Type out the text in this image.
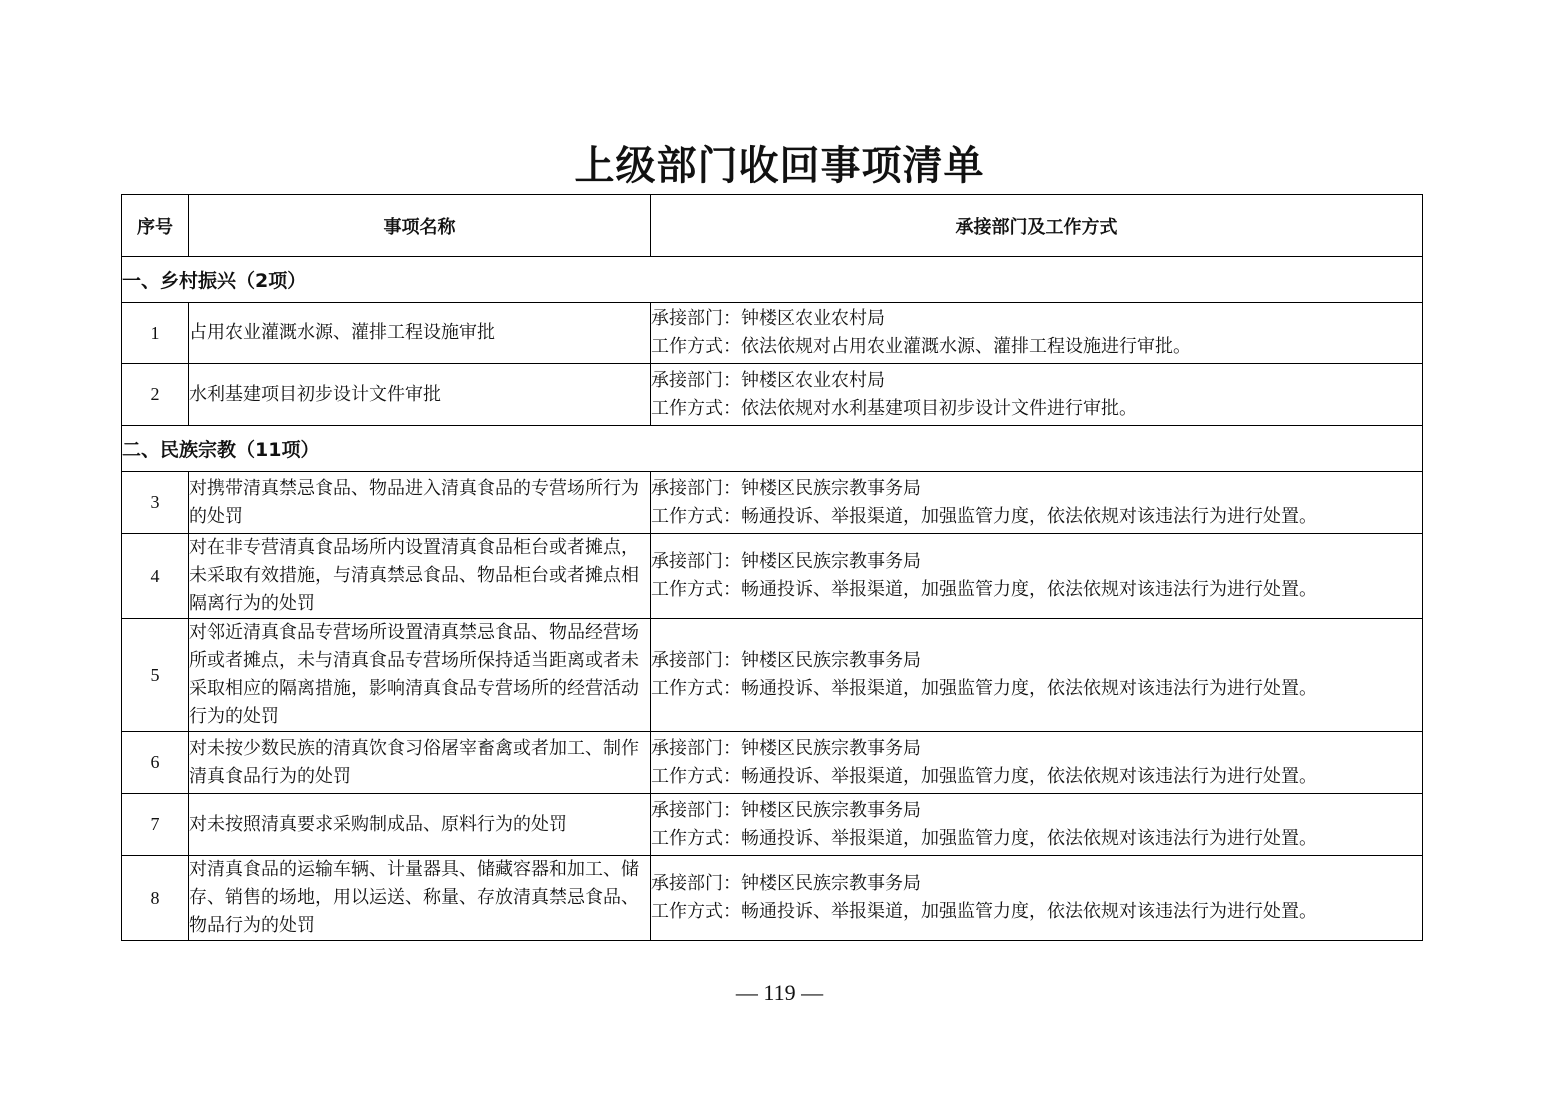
上级部门收回事项清单
序号	事项名称	承接部门及工作方式
一、乡村振兴（2项）		
1	占用农业灌溉水源、灌排工程设施审批	承接部门：钟楼区农业农村局
工作方式：依法依规对占用农业灌溉水源、灌排工程设施进行审批。

2	水利基建项目初步设计文件审批	承接部门：钟楼区农业农村局
工作方式：依法依规对水利基建项目初步设计文件进行审批。

二、民族宗教（11项）		
3	对携带清真禁忌食品、物品进入清真食品的专营场所行为的处罚	承接部门：钟楼区民族宗教事务局
工作方式：畅通投诉、举报渠道，加强监管力度，依法依规对该违法行为进行处置。

4	对在非专营清真食品场所内设置清真食品柜台或者摊点，未采取有效措施，与清真禁忌食品、物品柜台或者摊点相隔离行为的处罚	承接部门：钟楼区民族宗教事务局
工作方式：畅通投诉、举报渠道，加强监管力度，依法依规对该违法行为进行处置。

5	对邻近清真食品专营场所设置清真禁忌食品、物品经营场所或者摊点，未与清真食品专营场所保持适当距离或者未采取相应的隔离措施，影响清真食品专营场所的经营活动行为的处罚	承接部门：钟楼区民族宗教事务局
工作方式：畅通投诉、举报渠道，加强监管力度，依法依规对该违法行为进行处置。

6	对未按少数民族的清真饮食习俗屠宰畜禽或者加工、制作清真食品行为的处罚	承接部门：钟楼区民族宗教事务局
工作方式：畅通投诉、举报渠道，加强监管力度，依法依规对该违法行为进行处置。

7	对未按照清真要求采购制成品、原料行为的处罚	承接部门：钟楼区民族宗教事务局
工作方式：畅通投诉、举报渠道，加强监管力度，依法依规对该违法行为进行处置。

8	对清真食品的运输车辆、计量器具、储藏容器和加工、储存、销售的场地，用以运送、称量、存放清真禁忌食品、物品行为的处罚	承接部门：钟楼区民族宗教事务局
工作方式：畅通投诉、举报渠道，加强监管力度，依法依规对该违法行为进行处置。
— 119 —
